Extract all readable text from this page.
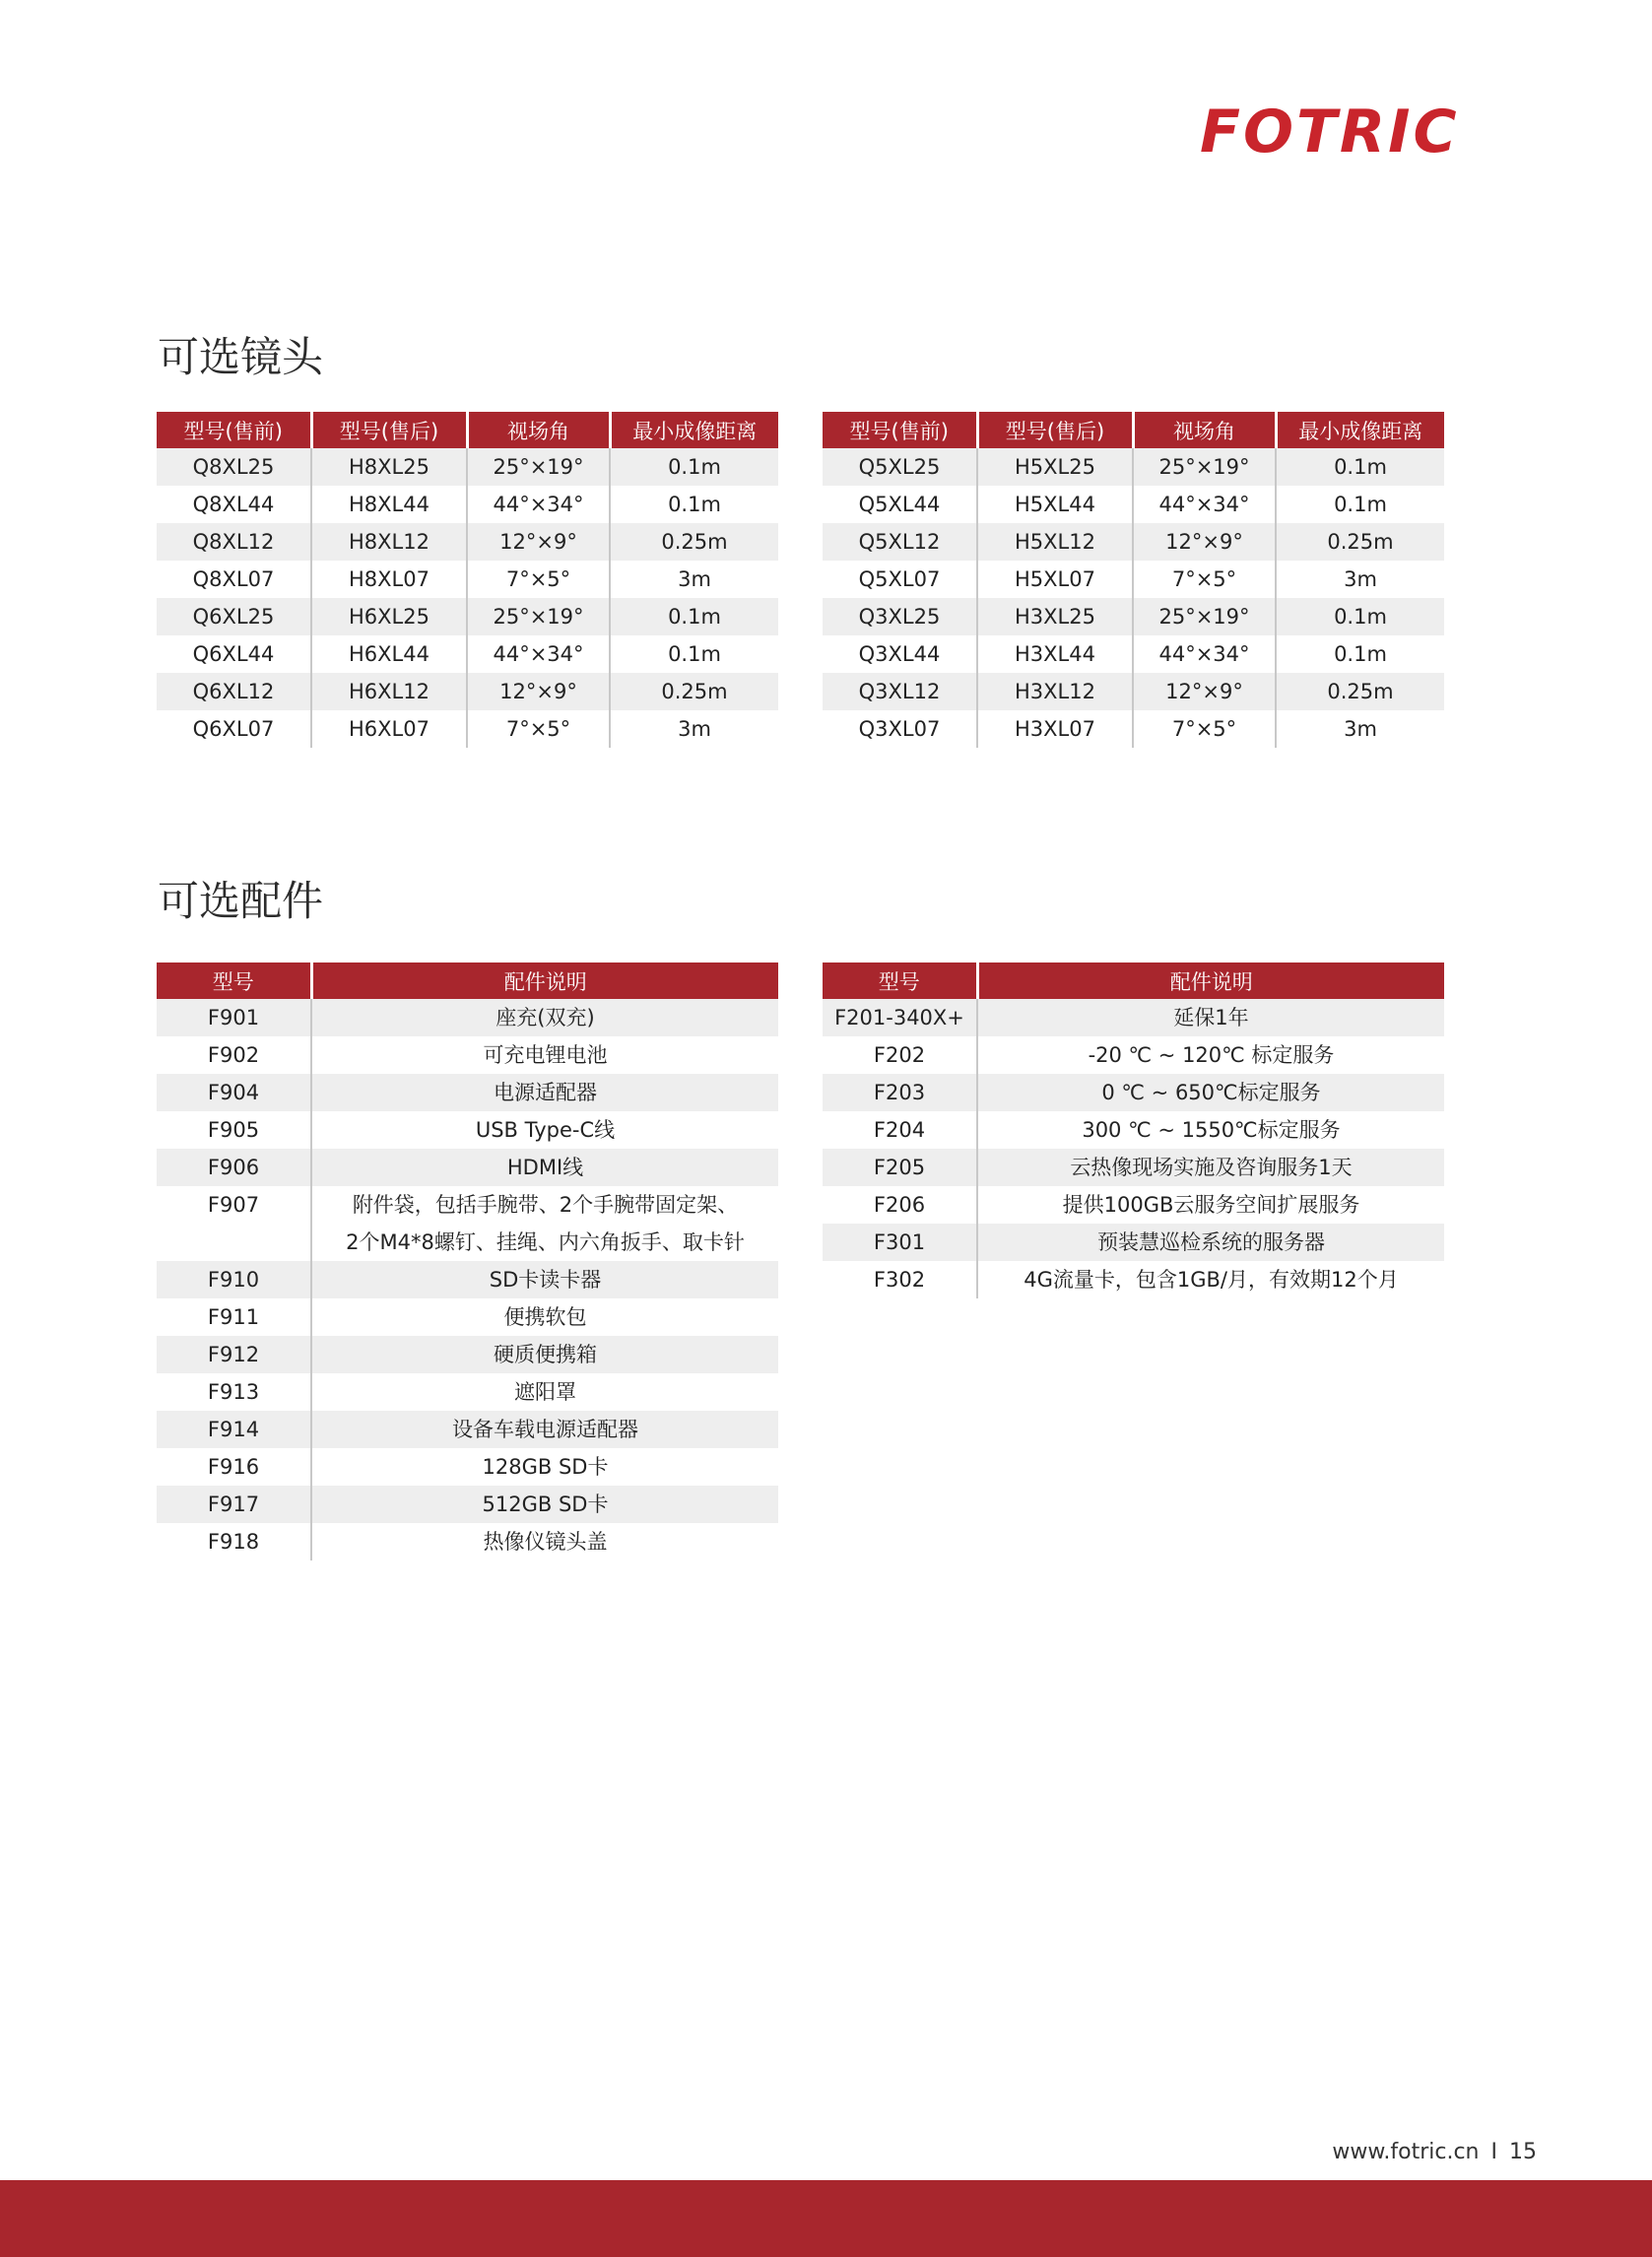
FOTRIC
可选镜头
型号(售前)	型号(售后)	视场角	最小成像距离
Q8XL25	H8XL25	25°×19°	0.1m
Q8XL44	H8XL44	44°×34°	0.1m
Q8XL12	H8XL12	12°×9°	0.25m
Q8XL07	H8XL07	7°×5°	3m
Q6XL25	H6XL25	25°×19°	0.1m
Q6XL44	H6XL44	44°×34°	0.1m
Q6XL12	H6XL12	12°×9°	0.25m
Q6XL07	H6XL07	7°×5°	3m
型号(售前)	型号(售后)	视场角	最小成像距离
Q5XL25	H5XL25	25°×19°	0.1m
Q5XL44	H5XL44	44°×34°	0.1m
Q5XL12	H5XL12	12°×9°	0.25m
Q5XL07	H5XL07	7°×5°	3m
Q3XL25	H3XL25	25°×19°	0.1m
Q3XL44	H3XL44	44°×34°	0.1m
Q3XL12	H3XL12	12°×9°	0.25m
Q3XL07	H3XL07	7°×5°	3m
可选配件
型号	配件说明
F901	座充(双充)
F902	可充电锂电池
F904	电源适配器
F905	USB Type-C线
F906	HDMI线
F907	附件袋，包括手腕带、2个手腕带固定架、
2个M4*8螺钉、挂绳、内六角扳手、取卡针
F910	SD卡读卡器
F911	便携软包
F912	硬质便携箱
F913	遮阳罩
F914	设备车载电源适配器
F916	128GB SD卡
F917	512GB SD卡
F918	热像仪镜头盖
型号	配件说明
F201-340X+	延保1年
F202	-20 ℃ ~ 120℃ 标定服务
F203	0 ℃ ~ 650℃标定服务
F204	300 ℃ ~ 1550℃标定服务
F205	云热像现场实施及咨询服务1天
F206	提供100GB云服务空间扩展服务
F301	预装慧巡检系统的服务器
F302	4G流量卡，包含1GB/月，有效期12个月
www.fotric.cn I 15
